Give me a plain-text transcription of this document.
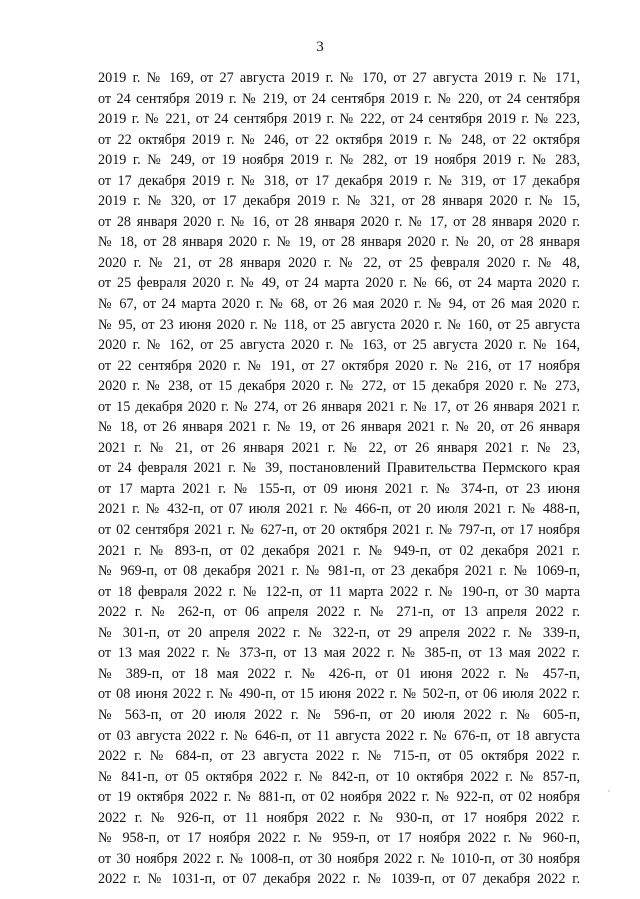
3
2019 г. № 169, от 27 августа 2019 г. № 170, от 27 августа 2019 г. № 171,
от 24 сентября 2019 г. № 219, от 24 сентября 2019 г. № 220, от 24 сентября
2019 г. № 221, от 24 сентября 2019 г. № 222, от 24 сентября 2019 г. № 223,
от 22 октября 2019 г. № 246, от 22 октября 2019 г. № 248, от 22 октября
2019 г. № 249, от 19 ноября 2019 г. № 282, от 19 ноября 2019 г. № 283,
от 17 декабря 2019 г. № 318, от 17 декабря 2019 г. № 319, от 17 декабря
2019 г. № 320, от 17 декабря 2019 г. № 321, от 28 января 2020 г. № 15,
от 28 января 2020 г. № 16, от 28 января 2020 г. № 17, от 28 января 2020 г.
№ 18, от 28 января 2020 г. № 19, от 28 января 2020 г. № 20, от 28 января
2020 г. № 21, от 28 января 2020 г. № 22, от 25 февраля 2020 г. № 48,
от 25 февраля 2020 г. № 49, от 24 марта 2020 г. № 66, от 24 марта 2020 г.
№ 67, от 24 марта 2020 г. № 68, от 26 мая 2020 г. № 94, от 26 мая 2020 г.
№ 95, от 23 июня 2020 г. № 118, от 25 августа 2020 г. № 160, от 25 августа
2020 г. № 162, от 25 августа 2020 г. № 163, от 25 августа 2020 г. № 164,
от 22 сентября 2020 г. № 191, от 27 октября 2020 г. № 216, от 17 ноября
2020 г. № 238, от 15 декабря 2020 г. № 272, от 15 декабря 2020 г. № 273,
от 15 декабря 2020 г. № 274, от 26 января 2021 г. № 17, от 26 января 2021 г.
№ 18, от 26 января 2021 г. № 19, от 26 января 2021 г. № 20, от 26 января
2021 г. № 21, от 26 января 2021 г. № 22, от 26 января 2021 г. № 23,
от 24 февраля 2021 г. № 39, постановлений Правительства Пермского края
от 17 марта 2021 г. № 155-п, от 09 июня 2021 г. № 374-п, от 23 июня
2021 г. № 432-п, от 07 июля 2021 г. № 466-п, от 20 июля 2021 г. № 488-п,
от 02 сентября 2021 г. № 627-п, от 20 октября 2021 г. № 797-п, от 17 ноября
2021 г. № 893-п, от 02 декабря 2021 г. № 949-п, от 02 декабря 2021 г.
№ 969-п, от 08 декабря 2021 г. № 981-п, от 23 декабря 2021 г. № 1069-п,
от 18 февраля 2022 г. № 122-п, от 11 марта 2022 г. № 190-п, от 30 марта
2022 г. № 262-п, от 06 апреля 2022 г. № 271-п, от 13 апреля 2022 г.
№ 301-п, от 20 апреля 2022 г. № 322-п, от 29 апреля 2022 г. № 339-п,
от 13 мая 2022 г. № 373-п, от 13 мая 2022 г. № 385-п, от 13 мая 2022 г.
№ 389-п, от 18 мая 2022 г. № 426-п, от 01 июня 2022 г. № 457-п,
от 08 июня 2022 г. № 490-п, от 15 июня 2022 г. № 502-п, от 06 июля 2022 г.
№ 563-п, от 20 июля 2022 г. № 596-п, от 20 июля 2022 г. № 605-п,
от 03 августа 2022 г. № 646-п, от 11 августа 2022 г. № 676-п, от 18 августа
2022 г. № 684-п, от 23 августа 2022 г. № 715-п, от 05 октября 2022 г.
№ 841-п, от 05 октября 2022 г. № 842-п, от 10 октября 2022 г. № 857-п,
от 19 октября 2022 г. № 881-п, от 02 ноября 2022 г. № 922-п, от 02 ноября
2022 г. № 926-п, от 11 ноября 2022 г. № 930-п, от 17 ноября 2022 г.
№ 958-п, от 17 ноября 2022 г. № 959-п, от 17 ноября 2022 г. № 960-п,
от 30 ноября 2022 г. № 1008-п, от 30 ноября 2022 г. № 1010-п, от 30 ноября
2022 г. № 1031-п, от 07 декабря 2022 г. № 1039-п, от 07 декабря 2022 г.
